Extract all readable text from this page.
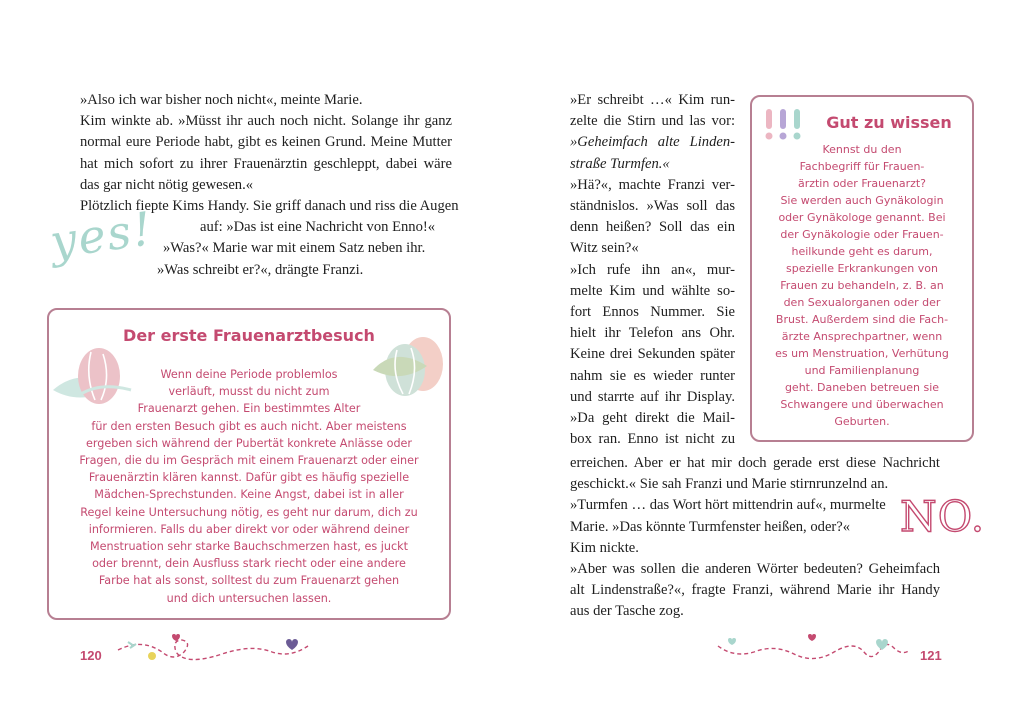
»Also ich war bisher noch nicht«, meinte Marie.
Kim winkte ab. »Müsst ihr auch noch nicht. Solange ihr ganz
normal eure Periode habt, gibt es keinen Grund. Meine Mutter
hat mich sofort zu ihrer Frauenärztin geschleppt, dabei wäre
das gar nicht nötig gewesen.«
Plötzlich fiepte Kims Handy. Sie griff danach und riss die Augen
auf: »Das ist eine Nachricht von Enno!«
»Was?« Marie war mit einem Satz neben ihr.
»Was schreibt er?«, drängte Franzi.
yes!
Der erste Frauenarztbesuch
Wenn deine Periode problemlos
verläuft, musst du nicht zum
Frauenarzt gehen. Ein bestimmtes Alter
für den ersten Besuch gibt es auch nicht. Aber meistens
ergeben sich während der Pubertät konkrete Anlässe oder
Fragen, die du im Gespräch mit einem Frauenarzt oder einer
Frauenärztin klären kannst. Dafür gibt es häufig spezielle
Mädchen-Sprechstunden. Keine Angst, dabei ist in aller
Regel keine Untersuchung nötig, es geht nur darum, dich zu
informieren. Falls du aber direkt vor oder während deiner
Menstruation sehr starke Bauchschmerzen hast, es juckt
oder brennt, dein Ausfluss stark riecht oder eine andere
Farbe hat als sonst, solltest du zum Frauenarzt gehen
und dich untersuchen lassen.
120
»Er schreibt …« Kim run-
zelte die Stirn und las vor:
»Geheimfach alte Linden-
straße Turmfen.«
»Hä?«, machte Franzi ver-
ständnislos. »Was soll das
denn heißen? Soll das ein
Witz sein?«
»Ich rufe ihn an«, mur-
melte Kim und wählte so-
fort Ennos Nummer. Sie
hielt ihr Telefon ans Ohr.
Keine drei Sekunden später
nahm sie es wieder runter
und starrte auf ihr Display.
»Da geht direkt die Mail-
box ran. Enno ist nicht zu
erreichen. Aber er hat mir doch gerade erst diese Nachricht
geschickt.« Sie sah Franzi und Marie stirnrunzelnd an.
»Turmfen … das Wort hört mittendrin auf«, murmelte
Marie. »Das könnte Turmfenster heißen, oder?«
Kim nickte.
»Aber was sollen die anderen Wörter bedeuten? Geheimfach
alt Lindenstraße?«, fragte Franzi, während Marie ihr Handy
aus der Tasche zog.
Gut zu wissen
Kennst du den
Fachbegriff für Frauen-
ärztin oder Frauenarzt?
Sie werden auch Gynäkologin
oder Gynäkologe genannt. Bei
der Gynäkologie oder Frauen-
heilkunde geht es darum,
spezielle Erkrankungen von
Frauen zu behandeln, z. B. an
den Sexualorganen oder der
Brust. Außerdem sind die Fach-
ärzte Ansprechpartner, wenn
es um Menstruation, Verhütung
und Familienplanung
geht. Daneben betreuen sie
Schwangere und überwachen
Geburten.
NO.
121
